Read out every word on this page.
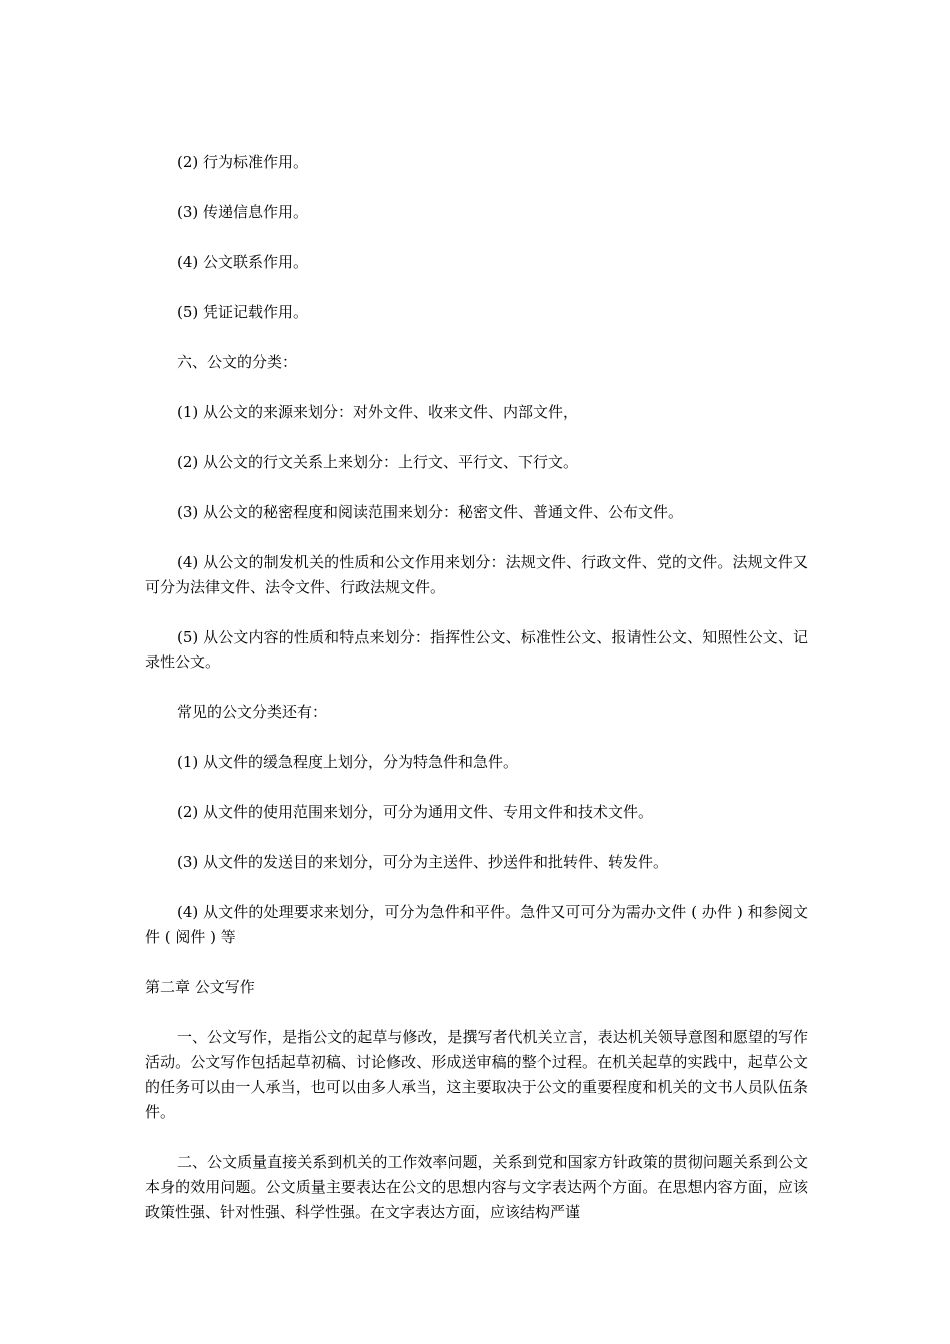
(2) 行为标准作用。

(3) 传递信息作用。

(4) 公文联系作用。

(5) 凭证记载作用。

六、公文的分类：

(1) 从公文的来源来划分：对外文件、收来文件、内部文件，

(2) 从公文的行文关系上来划分：上行文、平行文、下行文。

(3) 从公文的秘密程度和阅读范围来划分：秘密文件、普通文件、公布文件。

(4) 从公文的制发机关的性质和公文作用来划分：法规文件、行政文件、党的文件。法规文件又可分为法律文件、法令文件、行政法规文件。

(5) 从公文内容的性质和特点来划分：指挥性公文、标准性公文、报请性公文、知照性公文、记录性公文。

常见的公文分类还有：

(1) 从文件的缓急程度上划分，分为特急件和急件。

(2) 从文件的使用范围来划分，可分为通用文件、专用文件和技术文件。

(3) 从文件的发送目的来划分，可分为主送件、抄送件和批转件、转发件。

(4) 从文件的处理要求来划分，可分为急件和平件。急件又可可分为需办文件 ( 办件 ) 和参阅文件 ( 阅件 ) 等

第二章 公文写作

一、公文写作，是指公文的起草与修改，是撰写者代机关立言，表达机关领导意图和愿望的写作活动。公文写作包括起草初稿、讨论修改、形成送审稿的整个过程。在机关起草的实践中，起草公文的任务可以由一人承当，也可以由多人承当，这主要取决于公文的重要程度和机关的文书人员队伍条件。

二、公文质量直接关系到机关的工作效率问题，关系到党和国家方针政策的贯彻问题关系到公文本身的效用问题。公文质量主要表达在公文的思想内容与文字表达两个方面。在思想内容方面，应该政策性强、针对性强、科学性强。在文字表达方面，应该结构严谨
